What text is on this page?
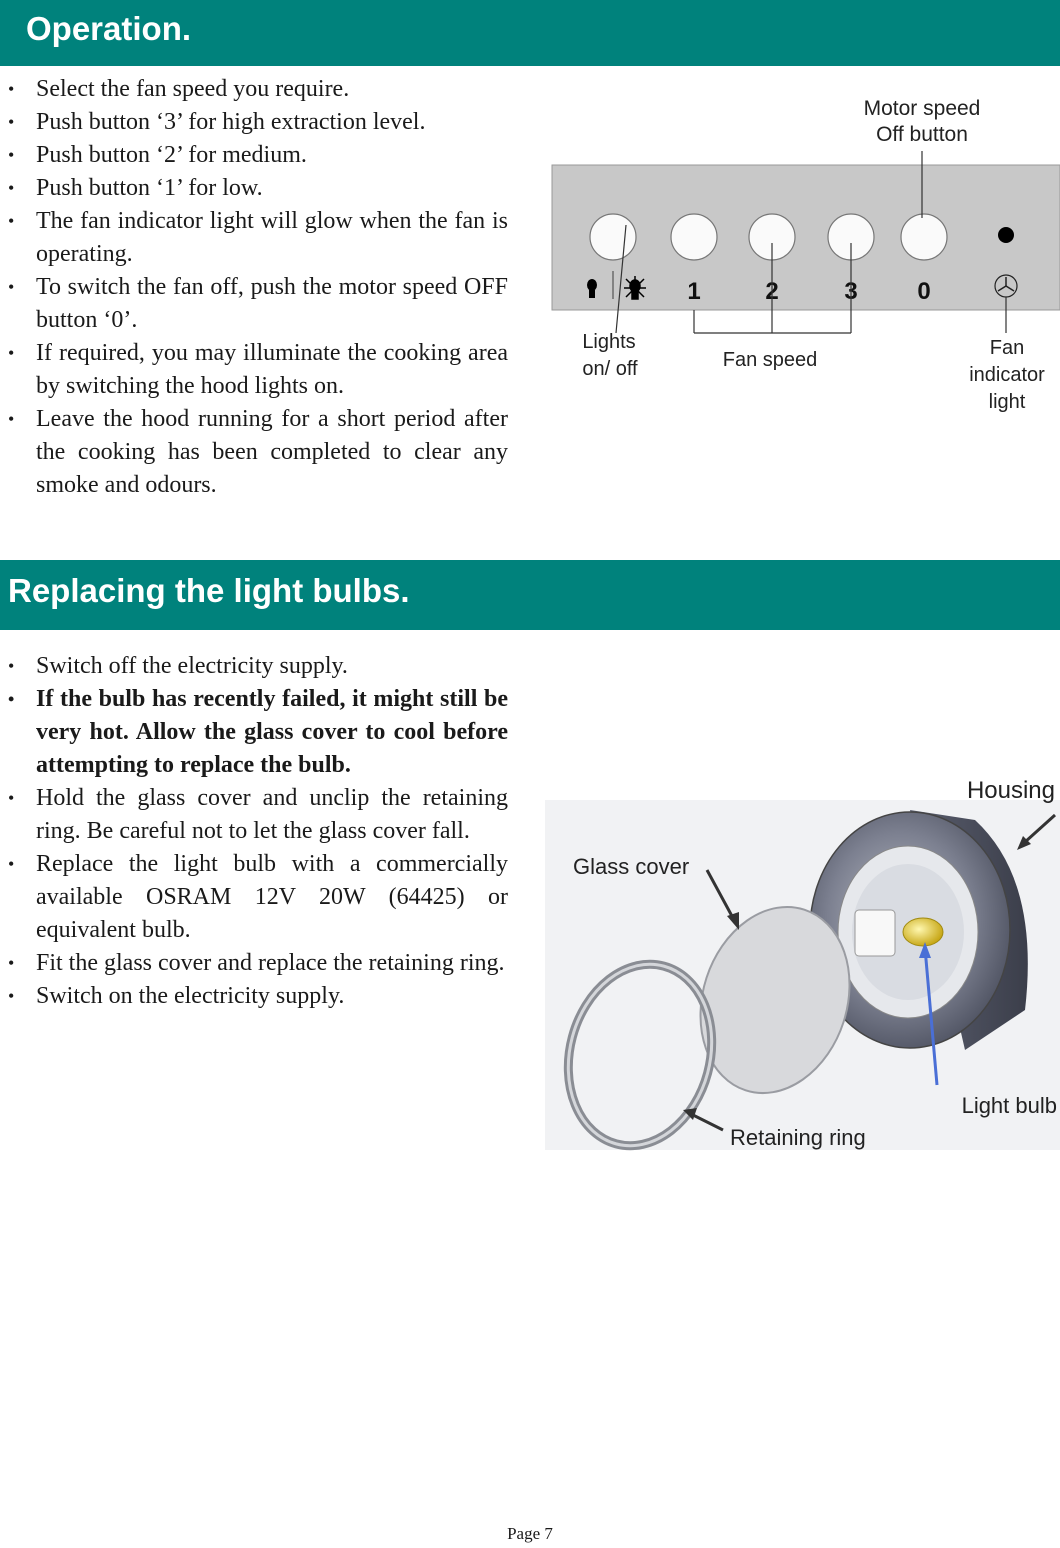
Operation.
• Select the fan speed you require.
• Push button ‘3’ for high extraction level.
• Push button ‘2’ for medium.
• Push button ‘1’ for low.
• The fan indicator light will glow when the fan is operating.
• To switch the fan off, push the motor speed OFF button ‘0’.
• If required, you may illuminate the cooking area by switching the hood lights on.
• Leave the hood running for a short period after the cooking has been completed to clear any smoke and odours.
Motor speed
Off button
1	2	3 0
Lights
on/ off	Fan speed
Fan
indicator
light
Replacing the light bulbs.
• Switch off the electricity supply.
• If the bulb has recently failed, it might still be very hot. Allow the glass cover to cool before attempting to replace the bulb.
• Hold the glass cover and unclip the retaining ring. Be careful not to let the glass cover fall.
• Replace the light bulb with a commercially available OSRAM 12V 20W (64425) or equivalent bulb.
• Fit the glass cover and replace the retaining ring.
• Switch on the electricity supply.
Housing
Glass cover
Light bulb
Retaining ring
Page 7
